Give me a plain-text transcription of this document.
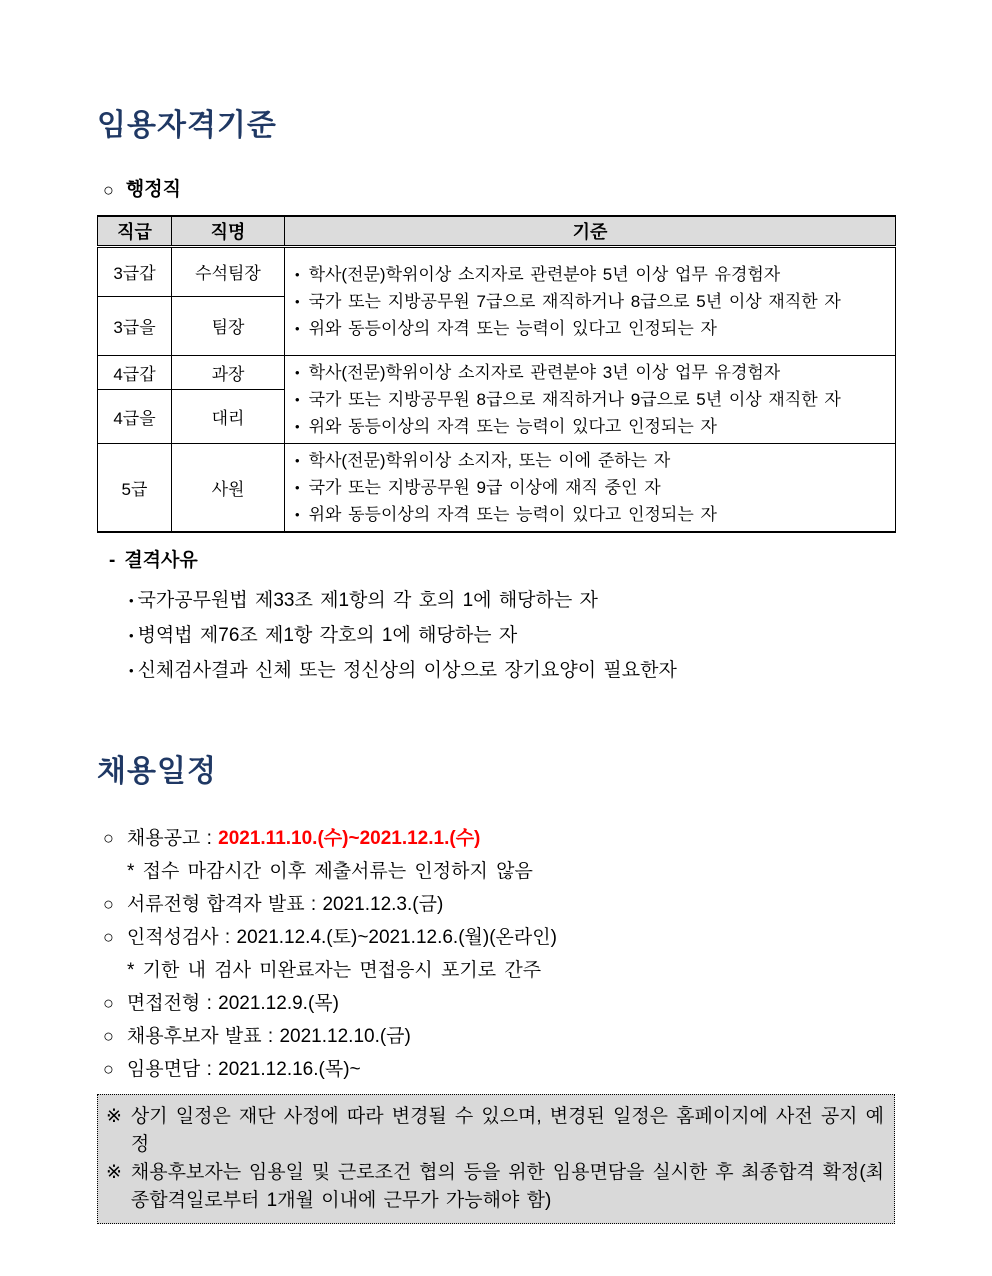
임용자격기준
○ 행정직
직급	직명	기준
3급갑	수석팀장	• 학사(전문)학위이상 소지자로 관련분야 5년 이상 업무 유경험자
• 국가 또는 지방공무원 7급으로 재직하거나 8급으로 5년 이상 재직한 자
• 위와 동등이상의 자격 또는 능력이 있다고 인정되는 자

3급을	팀장	
4급갑	과장	• 학사(전문)학위이상 소지자로 관련분야 3년 이상 업무 유경험자
• 국가 또는 지방공무원 8급으로 재직하거나 9급으로 5년 이상 재직한 자
• 위와 동등이상의 자격 또는 능력이 있다고 인정되는 자

4급을	대리	
5급	사원	
• 학사(전문)학위이상 소지자, 또는 이에 준하는 자
• 국가 또는 지방공무원 9급 이상에 재직 중인 자
• 위와 동등이상의 자격 또는 능력이 있다고 인정되는 자
- 결격사유
• 국가공무원법 제33조 제1항의 각 호의 1에 해당하는 자
• 병역법 제76조 제1항 각호의 1에 해당하는 자
• 신체검사결과 신체 또는 정신상의 이상으로 장기요양이 필요한자
채용일정
○ 채용공고 : 2021.11.10.(수)~2021.12.1.(수)
* 접수 마감시간 이후 제출서류는 인정하지 않음
○ 서류전형 합격자 발표 : 2021.12.3.(금)
○ 인적성검사 : 2021.12.4.(토)~2021.12.6.(월)(온라인)
* 기한 내 검사 미완료자는 면접응시 포기로 간주
○ 면접전형 : 2021.12.9.(목)
○ 채용후보자 발표 : 2021.12.10.(금)
○ 임용면담 : 2021.12.16.(목)~
※ 상기 일정은 재단 사정에 따라 변경될 수 있으며, 변경된 일정은 홈페이지에 사전 공지 예정
※ 채용후보자는 임용일 및 근로조건 협의 등을 위한 임용면담을 실시한 후 최종합격 확정(최종합격일로부터 1개월 이내에 근무가 가능해야 함)
